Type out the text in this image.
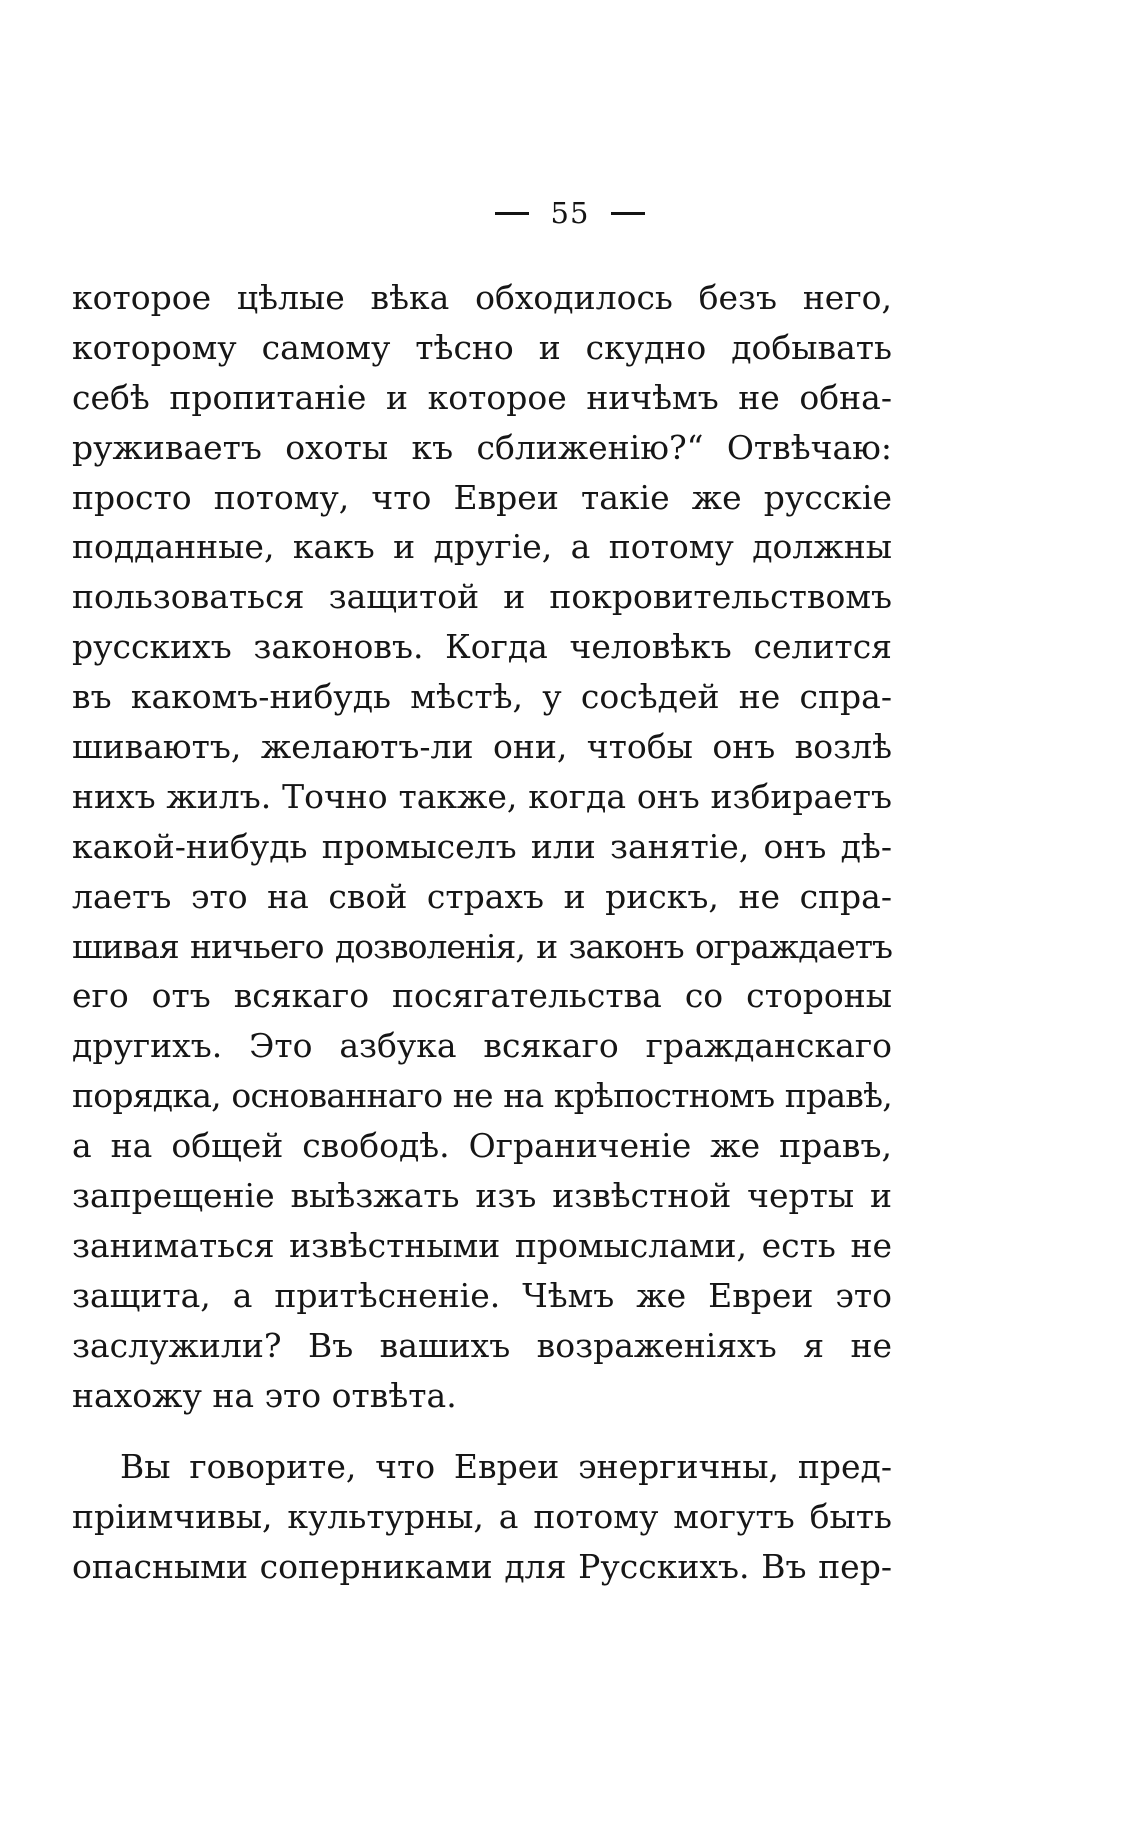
55
которое цѣлые вѣка обходилось безъ него,
которому самому тѣсно и скудно добывать
себѣ пропитаніе и которое ничѣмъ не обна-
руживаетъ охоты къ сближенію?“ Отвѣчаю:
просто потому, что Евреи такіе же русскіе
подданные, какъ и другіе, а потому должны
пользоваться защитой и покровительствомъ
русскихъ законовъ. Когда человѣкъ селится
въ какомъ-нибудь мѣстѣ, у сосѣдей не спра-
шиваютъ, желаютъ-ли они, чтобы онъ возлѣ
нихъ жилъ. Точно также, когда онъ избираетъ
какой-нибудь промыселъ или занятіе, онъ дѣ-
лаетъ это на свой страхъ и рискъ, не спра-
шивая ничьего дозволенія, и законъ ограждаетъ
его отъ всякаго посягательства со стороны
другихъ. Это азбука всякаго гражданскаго
порядка, основаннаго не на крѣпостномъ правѣ,
а на общей свободѣ. Ограниченіе же правъ,
запрещеніе выѣзжать изъ извѣстной черты и
заниматься извѣстными промыслами, есть не
защита, а притѣсненіе. Чѣмъ же Евреи это
заслужили? Въ вашихъ возраженіяхъ я не
нахожу на это отвѣта.
Вы говорите, что Евреи энергичны, пред-
пріимчивы, культурны, а потому могутъ быть
опасными соперниками для Русскихъ. Въ пер-
